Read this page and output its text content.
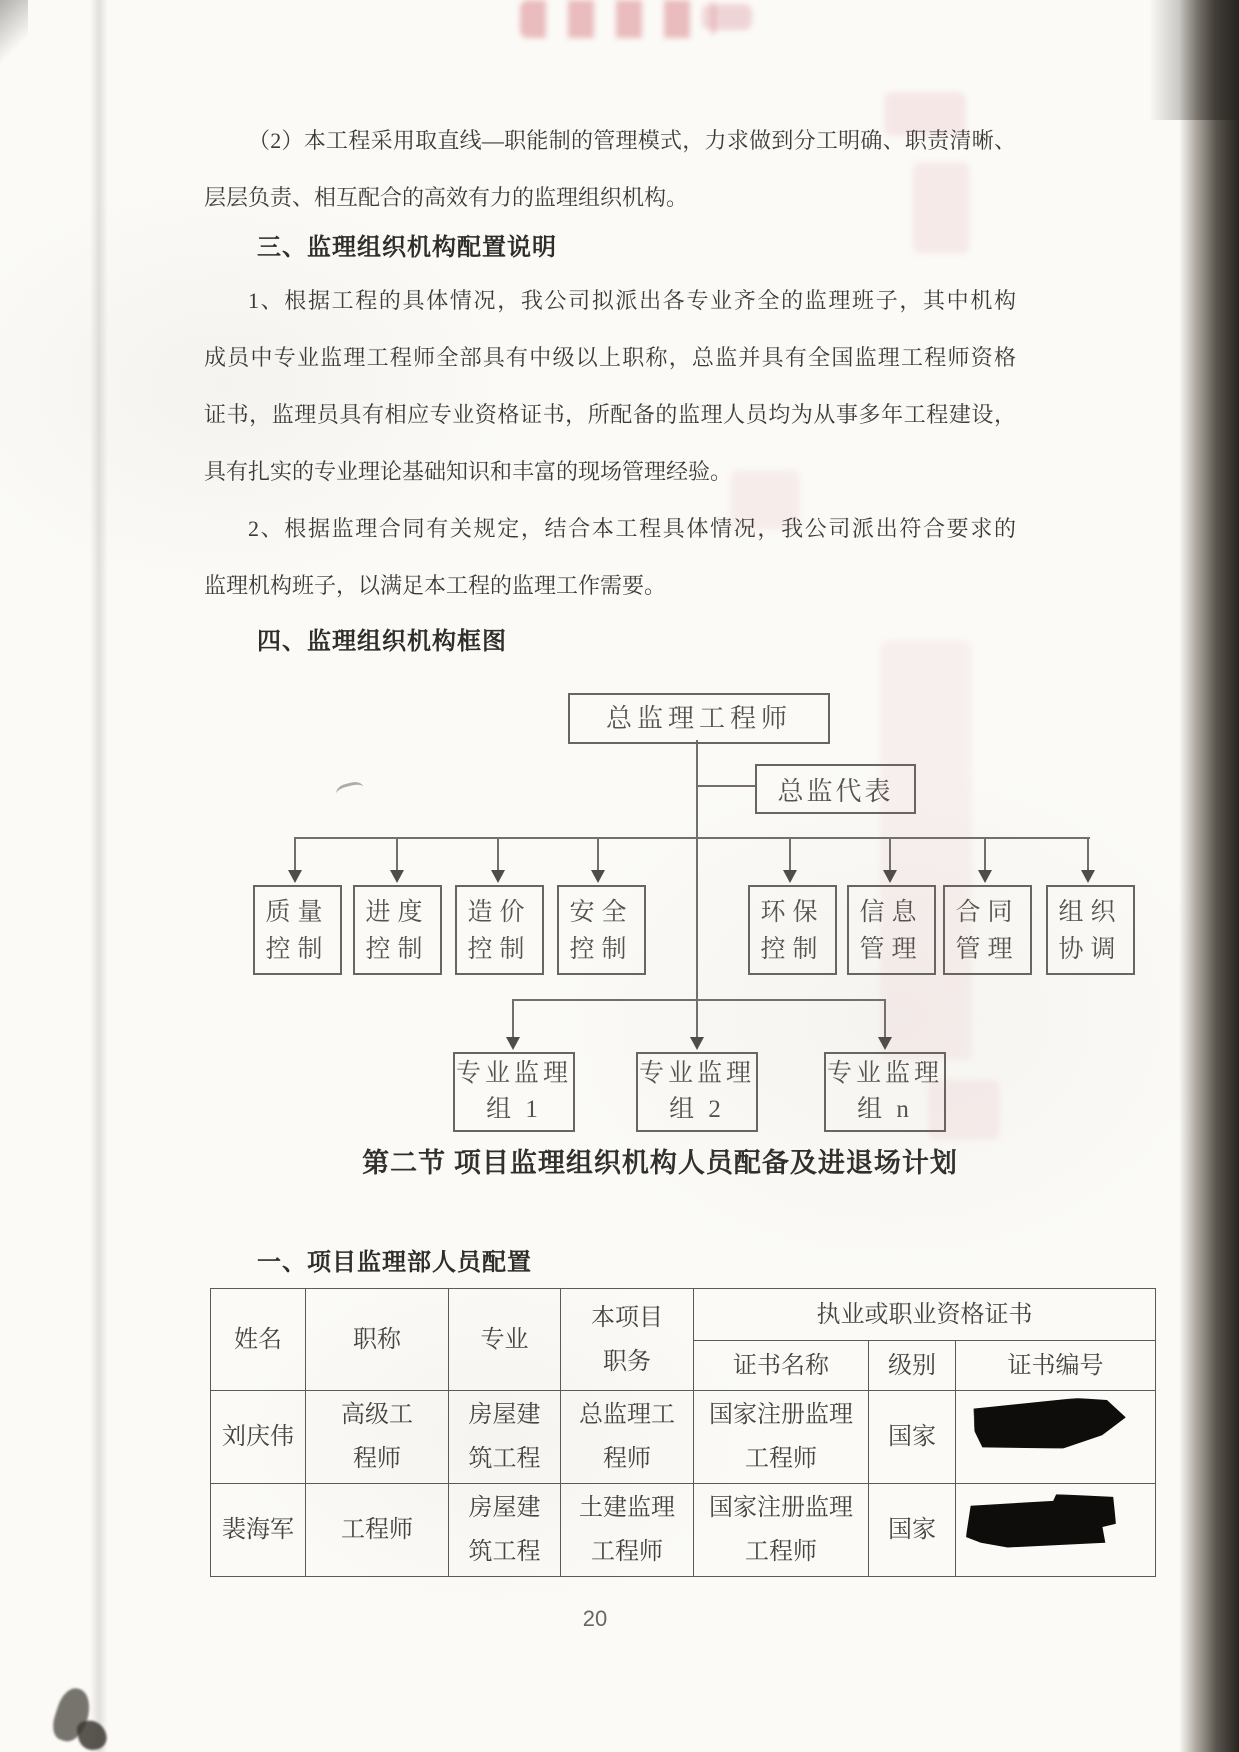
（2）本工程采用取直线—职能制的管理模式，力求做到分工明确、职责清晰、
层层负责、相互配合的高效有力的监理组织机构。
三、监理组织机构配置说明
1、根据工程的具体情况，我公司拟派出各专业齐全的监理班子，其中机构
成员中专业监理工程师全部具有中级以上职称，总监并具有全国监理工程师资格
证书，监理员具有相应专业资格证书，所配备的监理人员均为从事多年工程建设，
具有扎实的专业理论基础知识和丰富的现场管理经验。
2、根据监理合同有关规定，结合本工程具体情况，我公司派出符合要求的
监理机构班子，以满足本工程的监理工作需要。
四、监理组织机构框图
总监理工程师
总监代表
质量控制
进度控制
造价控制
安全控制
环保控制
信息管理
合同管理
组织协调
专业监理组 1
专业监理组 2
专业监理组 n
第二节 项目监理组织机构人员配备及进退场计划
一、项目监理部人员配置
姓名	职称	专业	本项目职务	执业或职业资格证书		
				证书名称	级别	证书编号
刘庆伟	高级工程师	房屋建筑工程	总监理工程师	国家注册监理工程师	国家	

裴海军	工程师	房屋建筑工程	土建监理工程师	国家注册监理工程师	国家	
20
